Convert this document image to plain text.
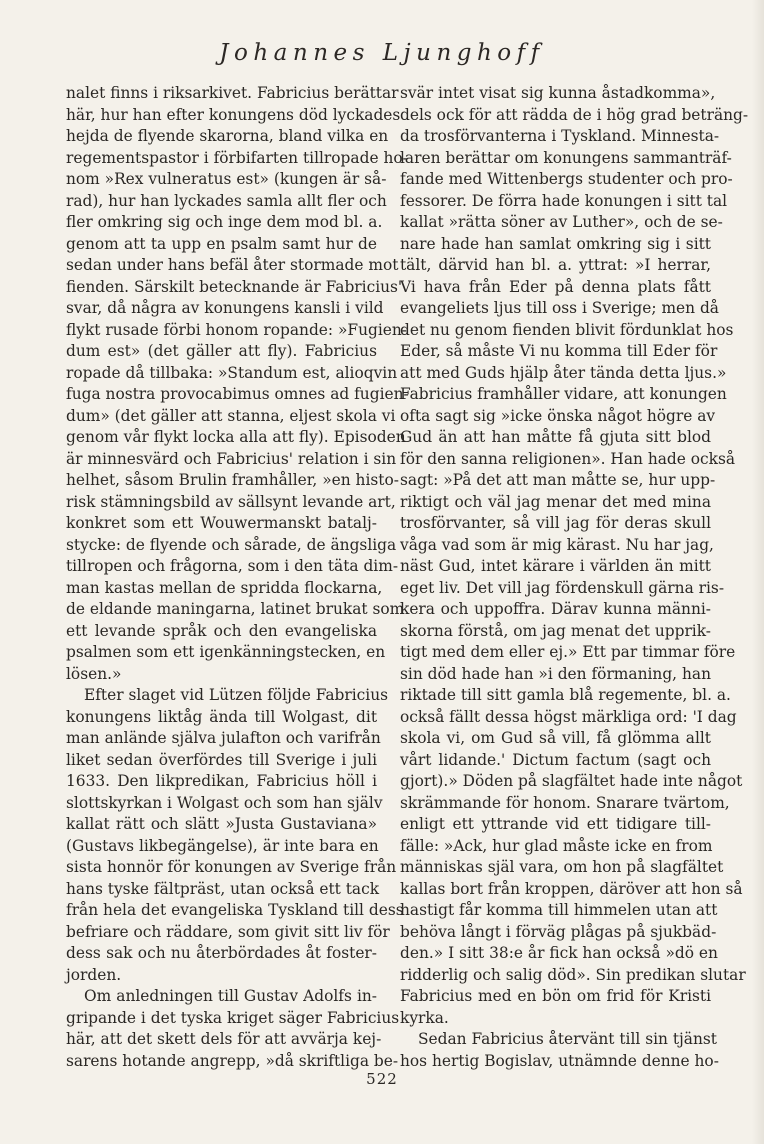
Johannes Ljunghoff
nalet finns i riksarkivet. Fabricius berättar
här, hur han efter konungens död lyckades
hejda de flyende skarorna, bland vilka en
regementspastor i förbifarten tillropade ho-
nom »Rex vulneratus est» (kungen är så-
rad), hur han lyckades samla allt fler och
fler omkring sig och inge dem mod bl. a.
genom att ta upp en psalm samt hur de
sedan under hans befäl åter stormade mot
fienden. Särskilt betecknande är Fabricius'
svar, då några av konungens kansli i vild
flykt rusade förbi honom ropande: »Fugien-
dum est» (det gäller att fly). Fabricius
ropade då tillbaka: »Standum est, alioqvin
fuga nostra provocabimus omnes ad fugien-
dum» (det gäller att stanna, eljest skola vi
genom vår flykt locka alla att fly). Episoden
är minnesvärd och Fabricius' relation i sin
helhet, såsom Brulin framhåller, »en histo-
risk stämningsbild av sällsynt levande art,
konkret som ett Wouwermanskt batalj-
stycke: de flyende och sårade, de ängsliga
tillropen och frågorna, som i den täta dim-
man kastas mellan de spridda flockarna,
de eldande maningarna, latinet brukat som
ett levande språk och den evangeliska
psalmen som ett igenkänningstecken, en
lösen.»
Efter slaget vid Lützen följde Fabricius
konungens liktåg ända till Wolgast, dit
man anlände själva julafton och varifrån
liket sedan överfördes till Sverige i juli
1633. Den likpredikan, Fabricius höll i
slottskyrkan i Wolgast och som han själv
kallat rätt och slätt »Justa Gustaviana»
(Gustavs likbegängelse), är inte bara en
sista honnör för konungen av Sverige från
hans tyske fältpräst, utan också ett tack
från hela det evangeliska Tyskland till dess
befriare och räddare, som givit sitt liv för
dess sak och nu återbördades åt foster-
jorden.
Om anledningen till Gustav Adolfs in-
gripande i det tyska kriget säger Fabricius
här, att det skett dels för att avvärja kej-
sarens hotande angrepp, »då skriftliga be-
svär intet visat sig kunna åstadkomma»,
dels ock för att rädda de i hög grad beträng-
da trosförvanterna i Tyskland. Minnesta-
laren berättar om konungens sammanträf-
fande med Wittenbergs studenter och pro-
fessorer. De förra hade konungen i sitt tal
kallat »rätta söner av Luther», och de se-
nare hade han samlat omkring sig i sitt
tält, därvid han bl. a. yttrat: »I herrar,
Vi hava från Eder på denna plats fått
evangeliets ljus till oss i Sverige; men då
det nu genom fienden blivit fördunklat hos
Eder, så måste Vi nu komma till Eder för
att med Guds hjälp åter tända detta ljus.»
Fabricius framhåller vidare, att konungen
ofta sagt sig »icke önska något högre av
Gud än att han måtte få gjuta sitt blod
för den sanna religionen». Han hade också
sagt: »På det att man måtte se, hur upp-
riktigt och väl jag menar det med mina
trosförvanter, så vill jag för deras skull
våga vad som är mig kärast. Nu har jag,
näst Gud, intet kärare i världen än mitt
eget liv. Det vill jag fördenskull gärna ris-
kera och uppoffra. Därav kunna männi-
skorna förstå, om jag menat det upprik-
tigt med dem eller ej.» Ett par timmar före
sin död hade han »i den förmaning, han
riktade till sitt gamla blå regemente, bl. a.
också fällt dessa högst märkliga ord: 'I dag
skola vi, om Gud så vill, få glömma allt
vårt lidande.' Dictum factum (sagt och
gjort).» Döden på slagfältet hade inte något
skrämmande för honom. Snarare tvärtom,
enligt ett yttrande vid ett tidigare till-
fälle: »Ack, hur glad måste icke en from
människas själ vara, om hon på slagfältet
kallas bort från kroppen, däröver att hon så
hastigt får komma till himmelen utan att
behöva långt i förväg plågas på sjukbäd-
den.» I sitt 38:e år fick han också »dö en
ridderlig och salig död». Sin predikan slutar
Fabricius med en bön om frid för Kristi
kyrka.
Sedan Fabricius återvänt till sin tjänst
hos hertig Bogislav, utnämnde denne ho-
522
